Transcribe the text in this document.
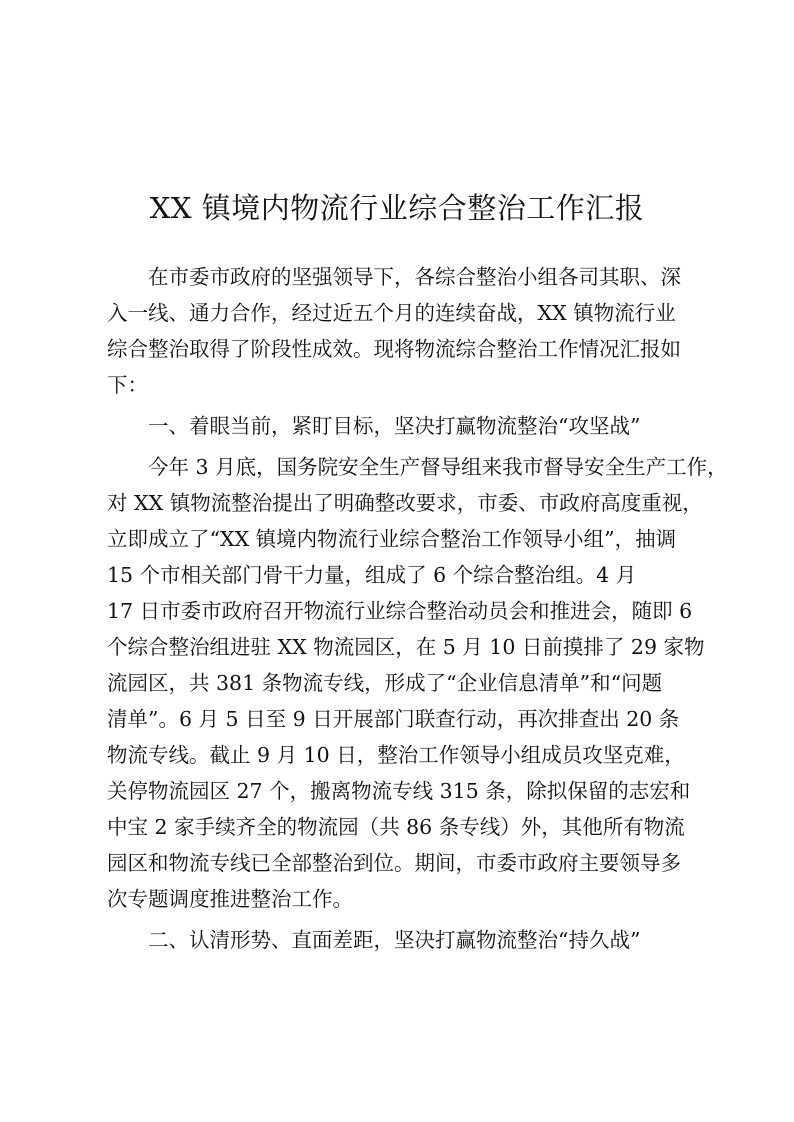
XX 镇境内物流行业综合整治工作汇报
在市委市政府的坚强领导下，各综合整治小组各司其职、深
入一线、通力合作，经过近五个月的连续奋战，XX 镇物流行业
综合整治取得了阶段性成效。现将物流综合整治工作情况汇报如
下：
一、着眼当前，紧盯目标，坚决打赢物流整治“攻坚战”
今年 3 月底，国务院安全生产督导组来我市督导安全生产工作，
对 XX 镇物流整治提出了明确整改要求，市委、市政府高度重视，
立即成立了“XX 镇境内物流行业综合整治工作领导小组”，抽调
15 个市相关部门骨干力量，组成了 6 个综合整治组。4 月
17 日市委市政府召开物流行业综合整治动员会和推进会，随即 6
个综合整治组进驻 XX 物流园区，在 5 月 10 日前摸排了 29 家物
流园区，共 381 条物流专线，形成了“企业信息清单”和“问题
清单”。6 月 5 日至 9 日开展部门联查行动，再次排查出 20 条
物流专线。截止 9 月 10 日，整治工作领导小组成员攻坚克难，
关停物流园区 27 个，搬离物流专线 315 条，除拟保留的志宏和
中宝 2 家手续齐全的物流园（共 86 条专线）外，其他所有物流
园区和物流专线已全部整治到位。期间，市委市政府主要领导多
次专题调度推进整治工作。
二、认清形势、直面差距，坚决打赢物流整治“持久战”
